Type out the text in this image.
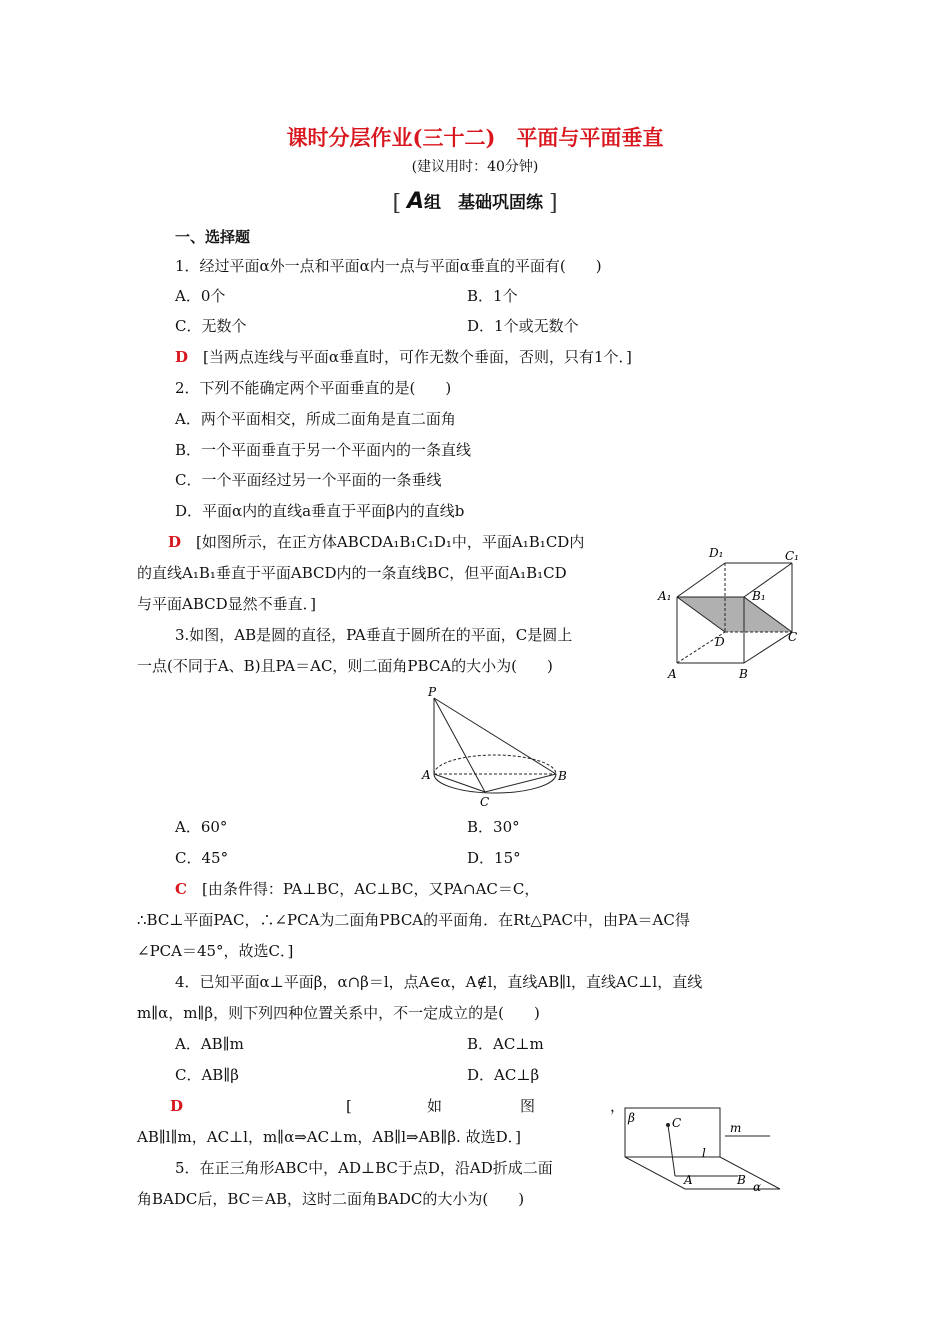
课时分层作业(三十二)　平面与平面垂直
(建议用时：40分钟)
[ A组　基础巩固练 ]
一、选择题
1．经过平面α外一点和平面α内一点与平面α垂直的平面有(　　)
A．0个	B．1个
C．无数个	D．1个或无数个
D　 [当两点连线与平面α垂直时，可作无数个垂面，否则，只有1个．]
2．下列不能确定两个平面垂直的是(　　)
A．两个平面相交，所成二面角是直二面角
B．一个平面垂直于另一个平面内的一条直线
C．一个平面经过另一个平面的一条垂线
D．平面α内的直线a垂直于平面β内的直线b
D　 [如图所示，在正方体ABCDA₁B₁C₁D₁中，平面A₁B₁CD内
的直线A₁B₁垂直于平面ABCD内的一条直线BC，但平面A₁B₁CD
与平面ABCD显然不垂直．]
A	B
C
D
A₁	B₁
C₁
D₁
3.如图，AB是圆的直径，PA垂直于圆所在的平面，C是圆上
一点(不同于A、B)且PA＝AC，则二面角PBCA的大小为(　　)
P
A	B
C
A．60°	B．30°
C．45°	D．15°
C　 [由条件得：PA⊥BC，AC⊥BC，又PA∩AC＝C，
∴BC⊥平面PAC，∴∠PCA为二面角PBCA的平面角．在Rt△PAC中，由PA＝AC得
∠PCA＝45°，故选C．]
4．已知平面α⊥平面β，α∩β＝l，点A∈α，A∉l，直线AB∥l，直线AC⊥l，直线
m∥α，m∥β，则下列四种位置关系中，不一定成立的是(　　)
A．AB∥m	B．AC⊥m
C．AB∥β	D．AC⊥β
D	[	如	图	，
AB∥l∥m，AC⊥l，m∥α⇒AC⊥m，AB∥l⇒AB∥β. 故选D．]
β	C	m
l
A	B α
5．在正三角形ABC中，AD⊥BC于点D，沿AD折成二面
角BADC后，BC＝AB，这时二面角BADC的大小为(　　)
